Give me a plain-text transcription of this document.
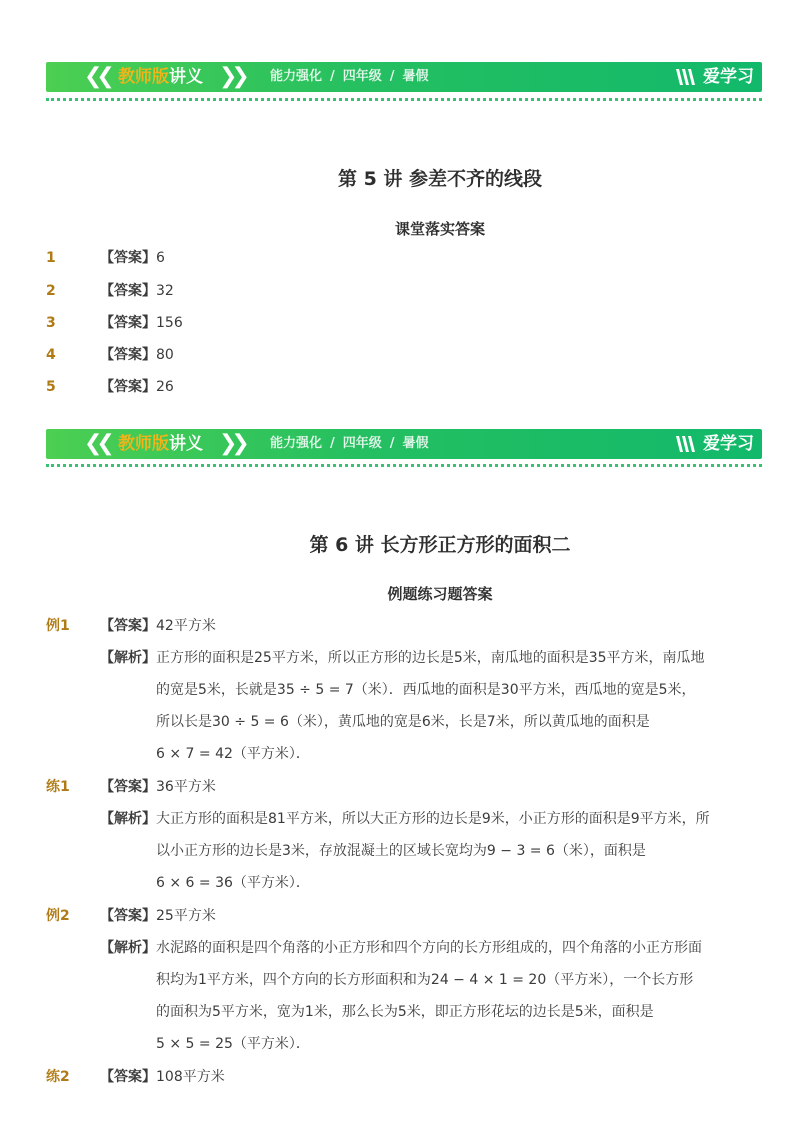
❮❮ 教师版讲义 ❯❯ 能力强化 / 四年级 / 暑假	爱学习
第 5 讲 参差不齐的线段
课堂落实答案
1	【答案】6
2	【答案】32
3	【答案】156
4	【答案】80
5	【答案】26
❮❮ 教师版讲义 ❯❯ 能力强化 / 四年级 / 暑假	爱学习
第 6 讲 长方形正方形的面积二
例题练习题答案
例1 【答案】42平方米
【解析】 正方形的面积是25平方米，所以正方形的边长是5米，南瓜地的面积是35平方米，南瓜地
的宽是5米，长就是35 ÷ 5 = 7（米）．西瓜地的面积是30平方米，西瓜地的宽是5米，
所以长是30 ÷ 5 = 6（米），黄瓜地的宽是6米，长是7米，所以黄瓜地的面积是
6 × 7 = 42（平方米）．
练1 【答案】36平方米
【解析】 大正方形的面积是81平方米，所以大正方形的边长是9米，小正方形的面积是9平方米，所
以小正方形的边长是3米，存放混凝土的区域长宽均为9 − 3 = 6（米），面积是
6 × 6 = 36（平方米）．
例2 【答案】25平方米
【解析】 水泥路的面积是四个角落的小正方形和四个方向的长方形组成的，四个角落的小正方形面
积均为1平方米，四个方向的长方形面积和为24 − 4 × 1 = 20（平方米），一个长方形
的面积为5平方米，宽为1米，那么长为5米，即正方形花坛的边长是5米，面积是
5 × 5 = 25（平方米）．
练2 【答案】108平方米
